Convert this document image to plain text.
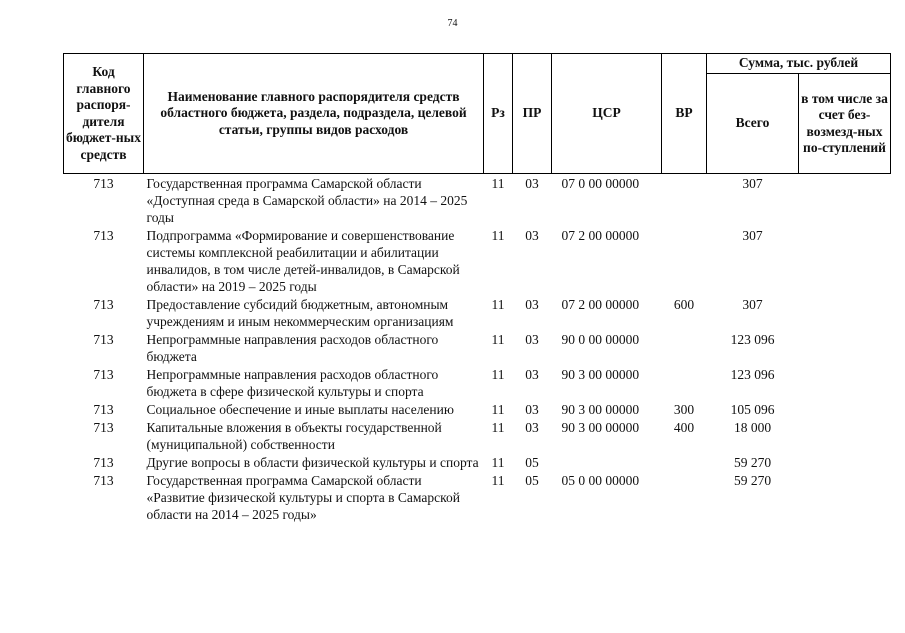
74
Код главного распоря-дителя бюджет-ных средств	Наименование главного распорядителя средств областного бюджета, раздела, подраздела, целевой статьи, группы видов расходов	Рз	ПР	ЦСР	ВР	Сумма, тыс. рублей	
						Всего	в том числе за счет без-возмезд-ных по-ступлений
713	Государственная программа Самарской области «Доступная среда в Самарской области» на 2014 – 2025 годы	11	03	07 0 00 00000		307	
713	Подпрограмма «Формирование и совершенствование системы комплексной реабилитации и абилитации инвалидов, в том числе детей-инвалидов, в Самарской области» на 2019 – 2025 годы	11	03	07 2 00 00000		307	
713	Предоставление субсидий бюджетным, автономным учреждениям и иным некоммерческим организациям	11	03	07 2 00 00000	600	307	
713	Непрограммные направления расходов областного бюджета	11	03	90 0 00 00000		123 096	
713	Непрограммные направления расходов областного бюджета в сфере физической культуры и спорта	11	03	90 3 00 00000		123 096	
713	Социальное обеспечение и иные выплаты населению	11	03	90 3 00 00000	300	105 096	
713	Капитальные вложения в объекты государственной (муниципальной) собственности	11	03	90 3 00 00000	400	18 000	
713	Другие вопросы в области физической культуры и спорта	11	05			59 270	
713	Государственная программа Самарской области «Развитие физической культуры и спорта в Самарской области на 2014 – 2025 годы»	11	05	05 0 00 00000		59 270	
